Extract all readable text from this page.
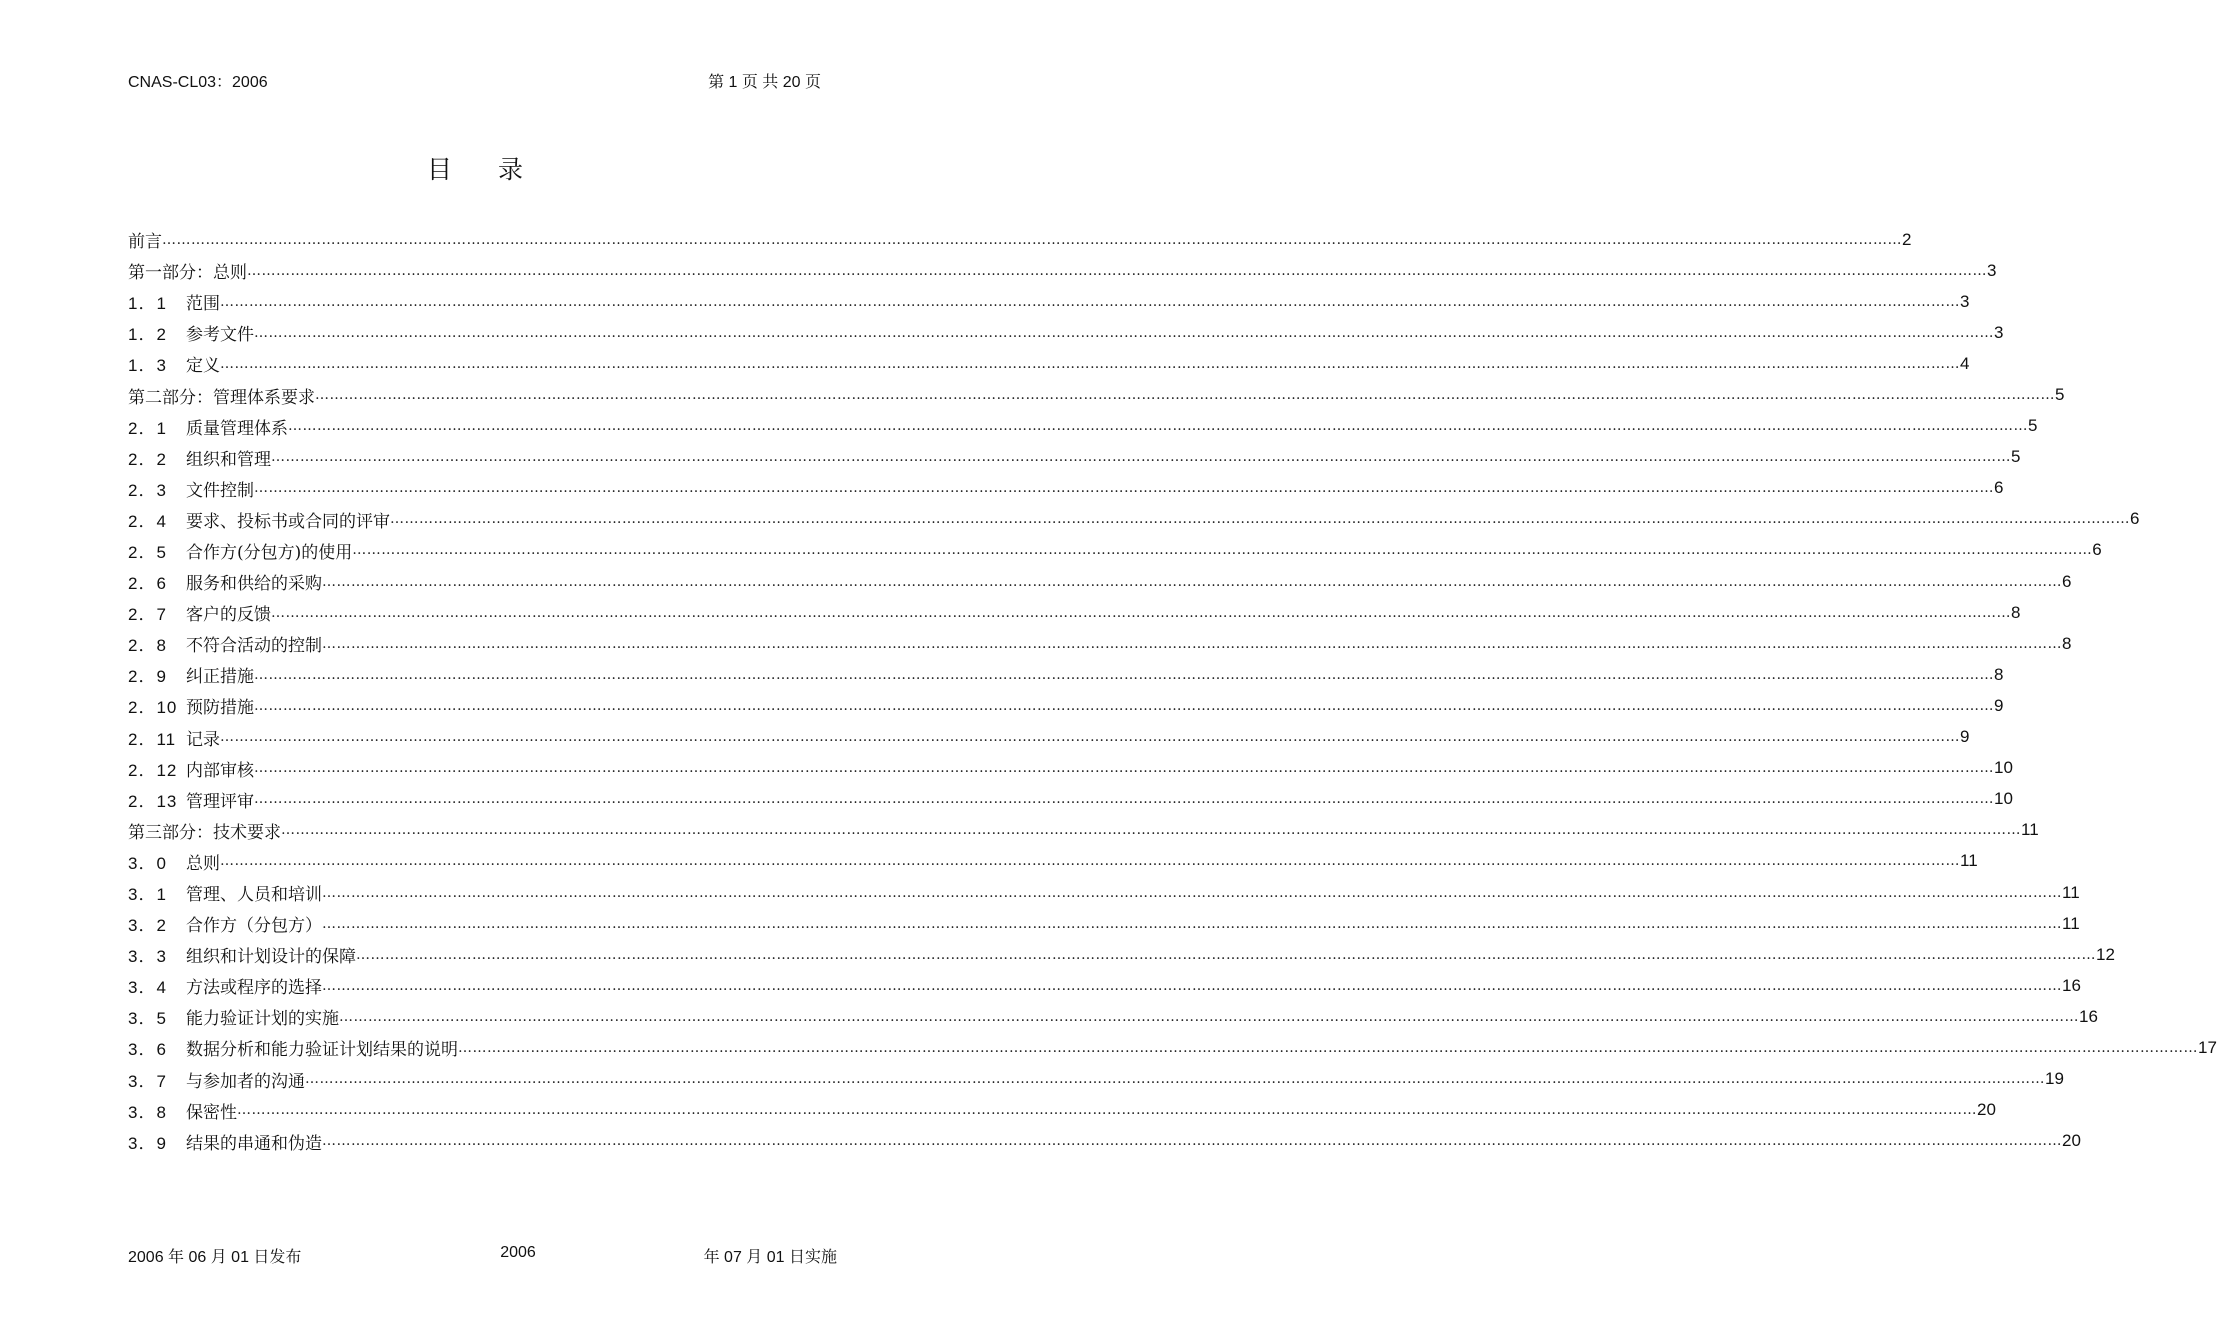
CNAS-CL03：2006	第 1 页 共 20 页
目 录
前言 ……………………………………………………………………………………………………………………………………………………………………………………………………………………………………………………………………………………………………………………………… 2
第一部分：总则 ……………………………………………………………………………………………………………………………………………………………………………………………………………………………………………………………………………………………………………………………… 3
1．1	范围 ……………………………………………………………………………………………………………………………………………………………………………………………………………………………………………………………………………………………………………………………… 3
1．2	参考文件 ……………………………………………………………………………………………………………………………………………………………………………………………………………………………………………………………………………………………………………………………… 3
1．3	定义 ……………………………………………………………………………………………………………………………………………………………………………………………………………………………………………………………………………………………………………………………… 4
第二部分：管理体系要求 ……………………………………………………………………………………………………………………………………………………………………………………………………………………………………………………………………………………………………………………………… 5
2．1	质量管理体系 ……………………………………………………………………………………………………………………………………………………………………………………………………………………………………………………………………………………………………………………………… 5
2．2	组织和管理 ……………………………………………………………………………………………………………………………………………………………………………………………………………………………………………………………………………………………………………………………… 5
2．3	文件控制 ……………………………………………………………………………………………………………………………………………………………………………………………………………………………………………………………………………………………………………………………… 6
2．4	要求、投标书或合同的评审 ……………………………………………………………………………………………………………………………………………………………………………………………………………………………………………………………………………………………………………………………… 6
2．5	合作方(分包方)的使用 ……………………………………………………………………………………………………………………………………………………………………………………………………………………………………………………………………………………………………………………………… 6
2．6	服务和供给的采购 ……………………………………………………………………………………………………………………………………………………………………………………………………………………………………………………………………………………………………………………………… 6
2．7	客户的反馈 ……………………………………………………………………………………………………………………………………………………………………………………………………………………………………………………………………………………………………………………………… 8
2．8	不符合活动的控制 ……………………………………………………………………………………………………………………………………………………………………………………………………………………………………………………………………………………………………………………………… 8
2．9	纠正措施 ……………………………………………………………………………………………………………………………………………………………………………………………………………………………………………………………………………………………………………………………… 8
2．10 预防措施 ……………………………………………………………………………………………………………………………………………………………………………………………………………………………………………………………………………………………………………………………… 9
2．11 记录 ……………………………………………………………………………………………………………………………………………………………………………………………………………………………………………………………………………………………………………………………… 9
2．12 内部审核 ……………………………………………………………………………………………………………………………………………………………………………………………………………………………………………………………………………………………………………………………… 10
2．13 管理评审 ……………………………………………………………………………………………………………………………………………………………………………………………………………………………………………………………………………………………………………………………… 10
第三部分：技术要求 ……………………………………………………………………………………………………………………………………………………………………………………………………………………………………………………………………………………………………………………………… 11
3．0	总则 ……………………………………………………………………………………………………………………………………………………………………………………………………………………………………………………………………………………………………………………………… 11
3．1	管理、人员和培训 ……………………………………………………………………………………………………………………………………………………………………………………………………………………………………………………………………………………………………………………………… 11
3．2	合作方（分包方） ……………………………………………………………………………………………………………………………………………………………………………………………………………………………………………………………………………………………………………………………… 11
3．3	组织和计划设计的保障 ……………………………………………………………………………………………………………………………………………………………………………………………………………………………………………………………………………………………………………………………… 12
3．4	方法或程序的选择 ……………………………………………………………………………………………………………………………………………………………………………………………………………………………………………………………………………………………………………………………… 16
3．5	能力验证计划的实施 ……………………………………………………………………………………………………………………………………………………………………………………………………………………………………………………………………………………………………………………………… 16
3．6	数据分析和能力验证计划结果的说明 ……………………………………………………………………………………………………………………………………………………………………………………………………………………………………………………………………………………………………………………………… 17
3．7	与参加者的沟通 ……………………………………………………………………………………………………………………………………………………………………………………………………………………………………………………………………………………………………………………………… 19
3．8	保密性 ……………………………………………………………………………………………………………………………………………………………………………………………………………………………………………………………………………………………………………………………… 20
3．9	结果的串通和伪造 ……………………………………………………………………………………………………………………………………………………………………………………………………………………………………………………………………………………………………………………………… 20
2006 年 06 月 01 日发布	2006	年 07 月 01 日实施
